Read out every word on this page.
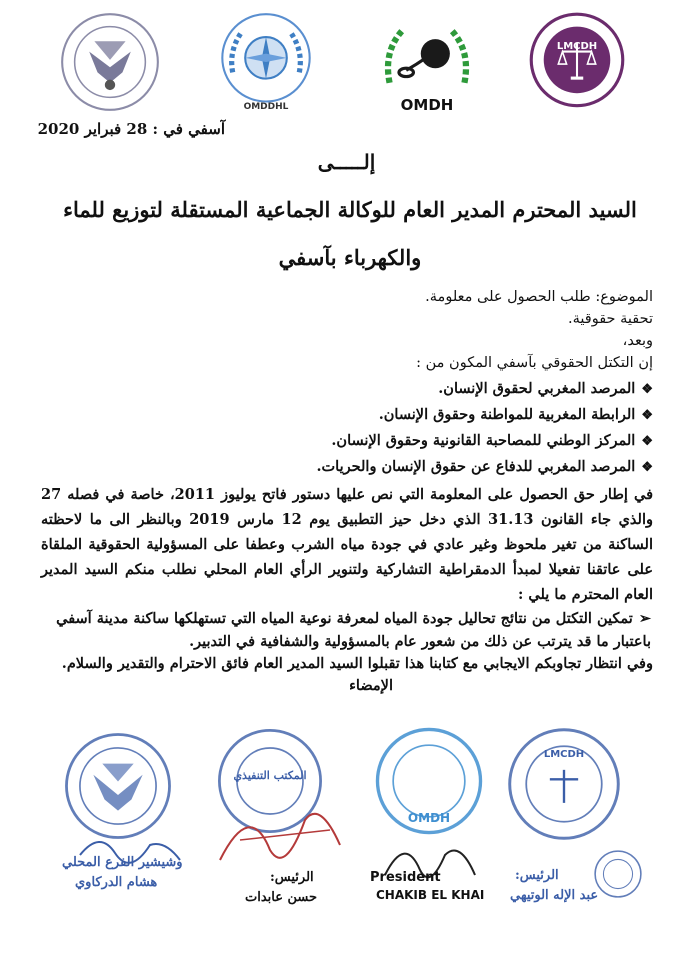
OMDDHL	OMDH
LMCDH
آسفي في : 28 فبراير 2020
إلـــــى
السيد المحترم المدير العام للوكالة الجماعية المستقلة لتوزيع للماء
والكهرباء بآسفي
الموضوع: طلب الحصول على معلومة.
تحقية حقوقية.
وبعد،
إن التكتل الحقوقي بآسفي المكون من :
❖المرصد المغربي لحقوق الإنسان.
❖الرابطة المغربية للمواطنة وحقوق الإنسان.
❖المركز الوطني للمصاحبة القانونية وحقوق الإنسان.
❖المرصد المغربي للدفاع عن حقوق الإنسان والحريات.
في إطار حق الحصول على المعلومة التي نص عليها دستور فاتح يوليوز 2011، خاصة في فصله 27 والذي جاء القانون 31.13 الذي دخل حيز التطبيق يوم 12 مارس 2019 وبالنظر الى ما لاحظته الساكنة من تغير ملحوظ وغير عادي في جودة مياه الشرب وعطفا على المسؤولية الحقوقية الملقاة على عاتقنا تفعيلا لمبدأ الدمقراطية التشاركية ولتنوير الرأي العام المحلي نطلب منكم السيد المدير العام المحترم ما يلي :
➢تمكين التكتل من نتائج تحاليل جودة المياه لمعرفة نوعية المياه التي تستهلكها ساكنة مدينة آسفي باعتبار ما قد يترتب عن ذلك من شعور عام بالمسؤولية والشفافية في التدبير.
وفي انتظار تجاوبكم الايجابي مع كتابنا هذا تقبلوا السيد المدير العام فائق الاحترام والتقدير والسلام.
الإمضاء
وشيشير الفرع المحلي
هشام الدركاوي
المكتب التنفيذي
الرئيس:
حسن عابدات
OMDH
President
CHAKIB EL KHAI
LMCDH
الرئيس:
عبد الإله الوتيهي
